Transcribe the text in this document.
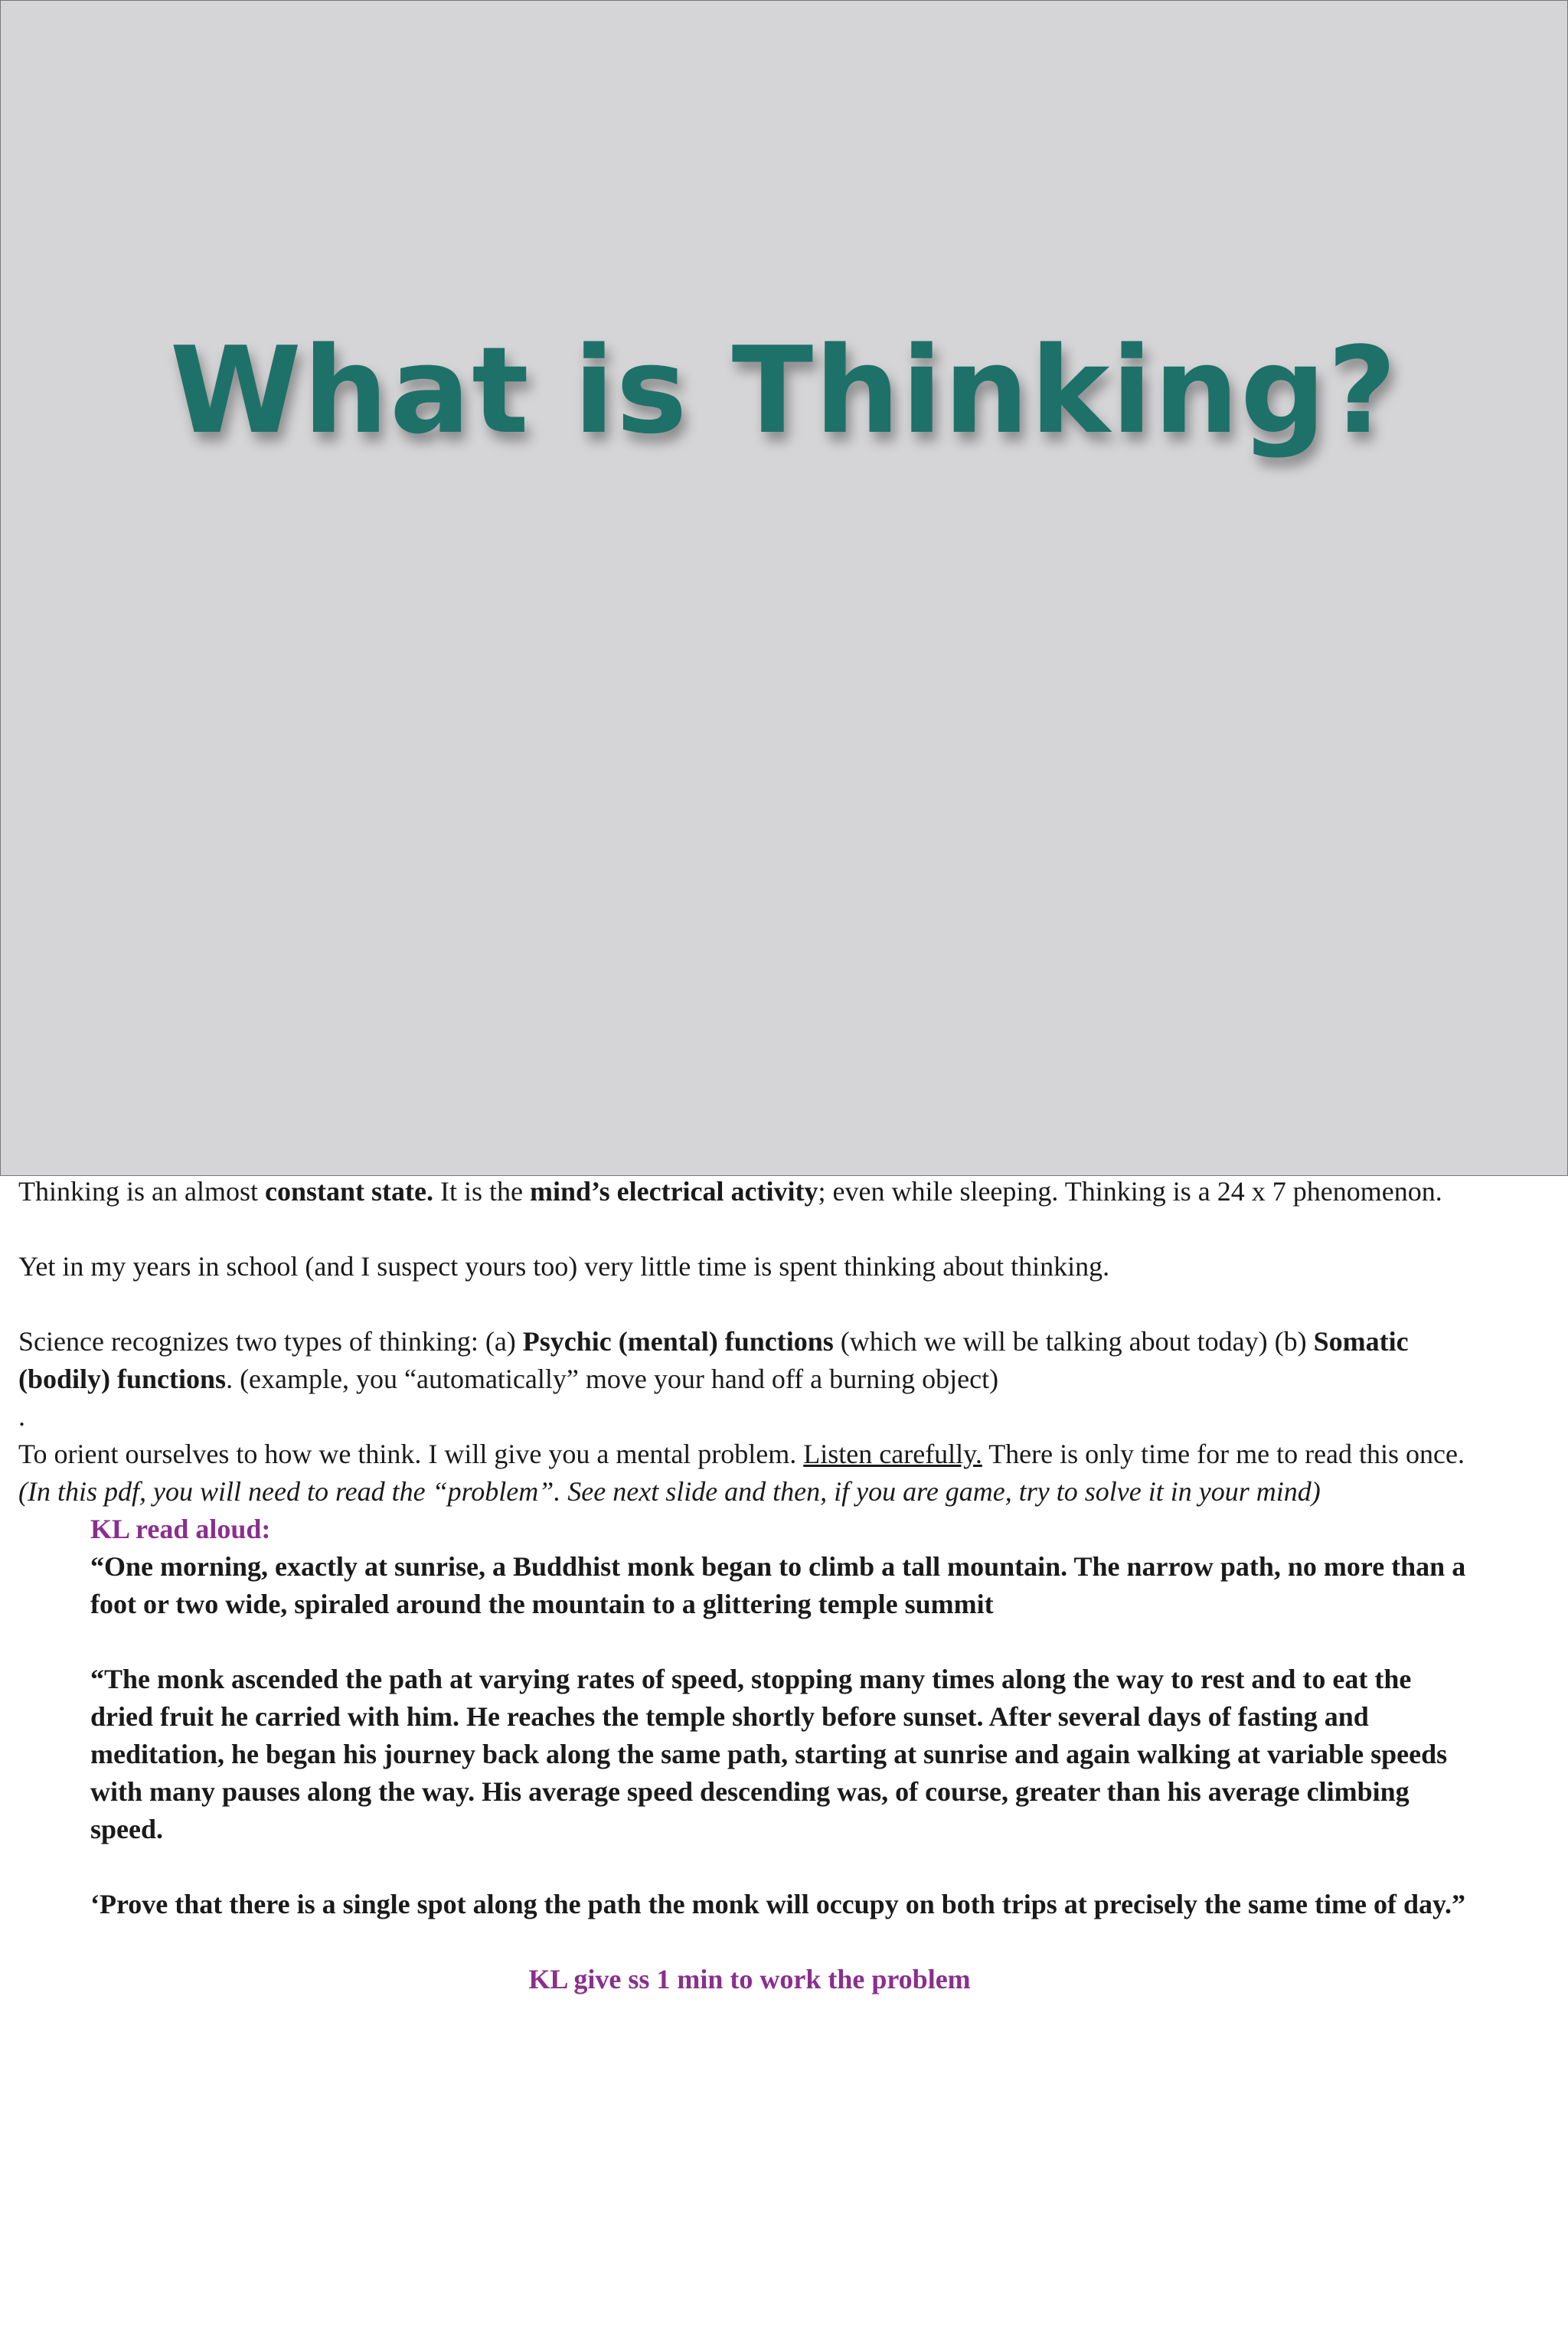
What is Thinking?

Thinking is an almost constant state. It is the mind’s electrical activity; even while sleeping. Thinking is a 24 x 7 phenomenon.

Yet in my years in school (and I suspect yours too) very little time is spent thinking about thinking.

Science recognizes two types of thinking: (a) Psychic (mental) functions (which we will be talking about today) (b) Somatic (bodily) functions. (example, you “automatically” move your hand off a burning object)

.

To orient ourselves to how we think. I will give you a mental problem. Listen carefully. There is only time for me to read this once. (In this pdf, you will need to read the “problem”. See next slide and then, if you are game, try to solve it in your mind)

KL read aloud:

“One morning, exactly at sunrise, a Buddhist monk began to climb a tall mountain. The narrow path, no more than a foot or two wide, spiraled around the mountain to a glittering temple summit

“The monk ascended the path at varying rates of speed, stopping many times along the way to rest and to eat the dried fruit he carried with him. He reaches the temple shortly before sunset. After several days of fasting and meditation, he began his journey back along the same path, starting at sunrise and again walking at variable speeds with many pauses along the way. His average speed descending was, of course, greater than his average climbing speed.

‘Prove that there is a single spot along the path the monk will occupy on both trips at precisely the same time of day.”

KL give ss 1 min to work the problem
